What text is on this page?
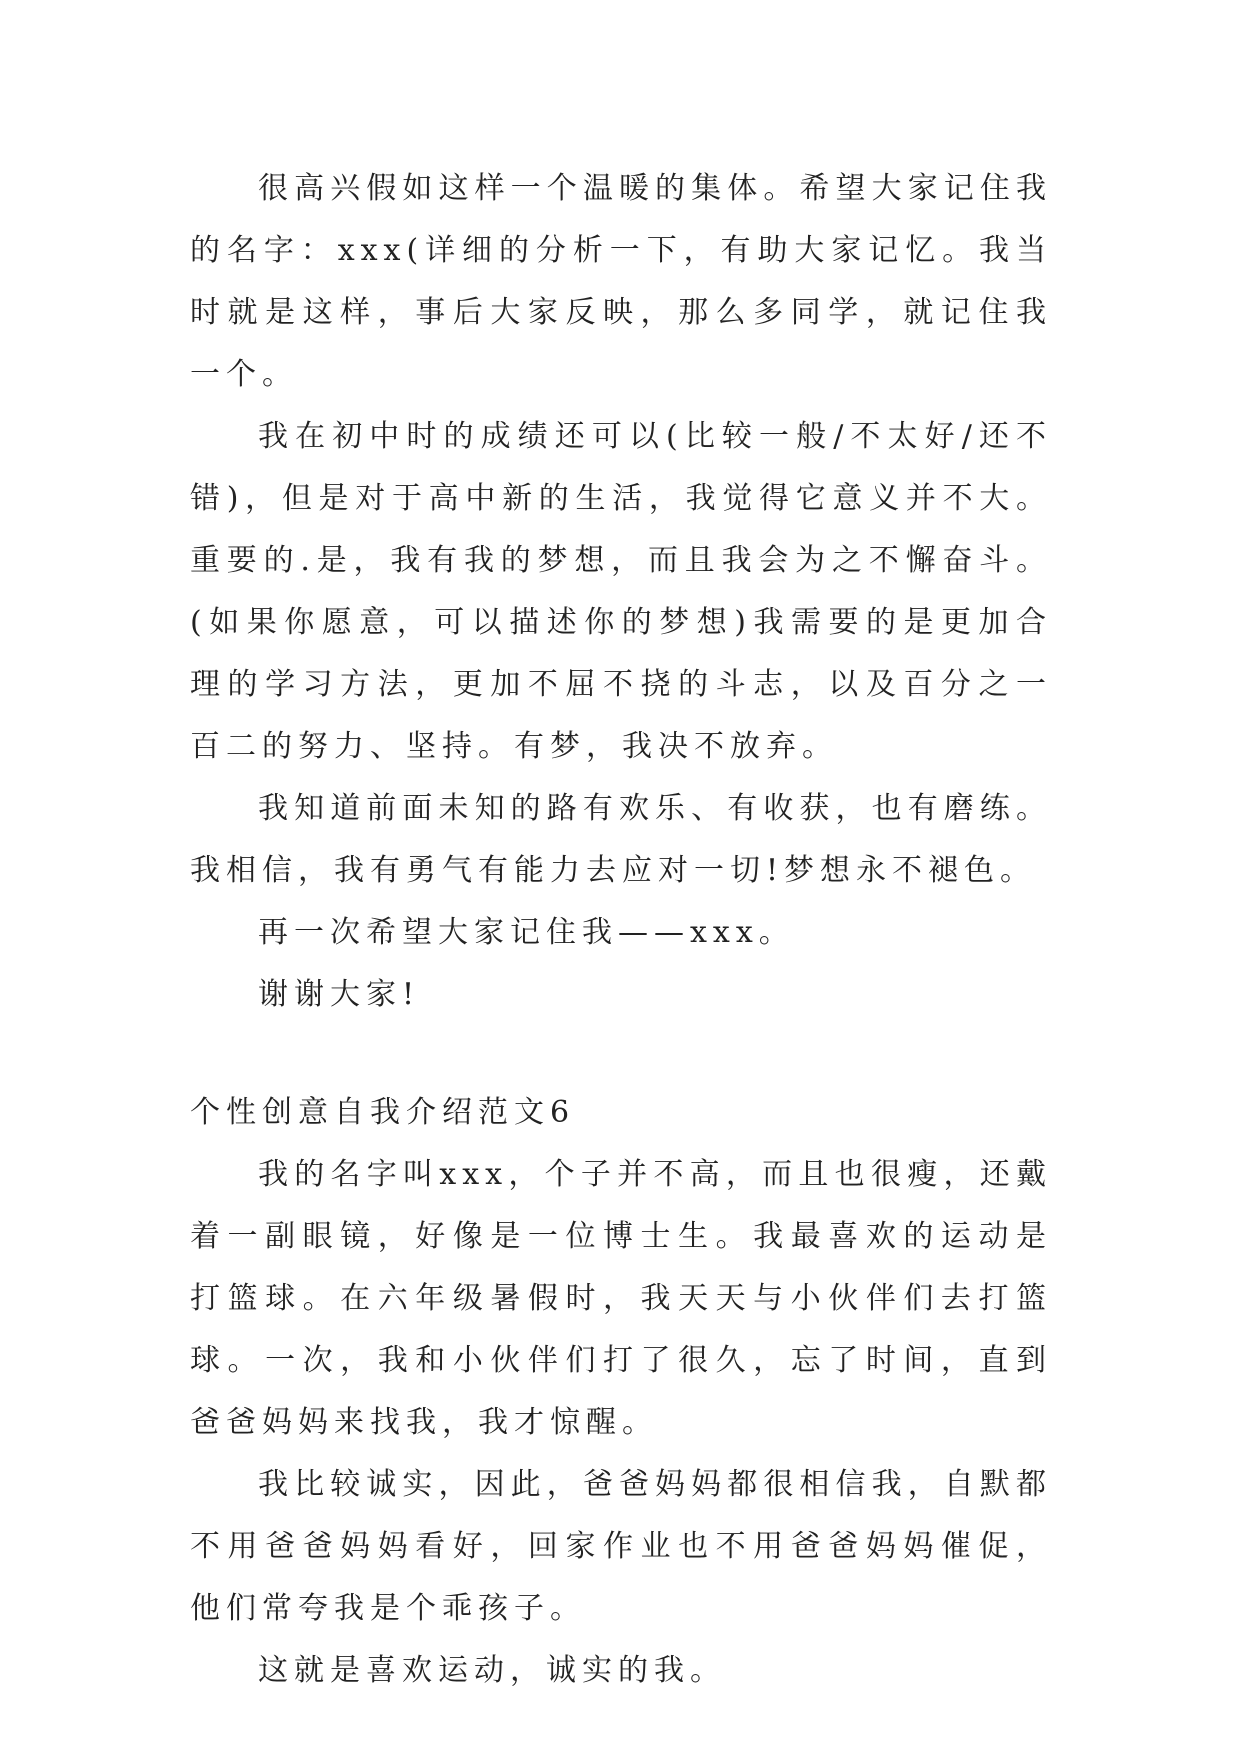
很高兴假如这样一个温暖的集体。希望大家记住我的名字：xxx(详细的分析一下，有助大家记忆。我当时就是这样，事后大家反映，那么多同学，就记住我一个。

我在初中时的成绩还可以(比较一般/不太好/还不错)，但是对于高中新的生活，我觉得它意义并不大。重要的.是，我有我的梦想，而且我会为之不懈奋斗。(如果你愿意，可以描述你的梦想)我需要的是更加合理的学习方法，更加不屈不挠的斗志，以及百分之一百二的努力、坚持。有梦，我决不放弃。

我知道前面未知的路有欢乐、有收获，也有磨练。我相信，我有勇气有能力去应对一切!梦想永不褪色。

再一次希望大家记住我——xxx。

谢谢大家!

个性创意自我介绍范文6

我的名字叫xxx，个子并不高，而且也很瘦，还戴着一副眼镜，好像是一位博士生。我最喜欢的运动是打篮球。在六年级暑假时，我天天与小伙伴们去打篮球。一次，我和小伙伴们打了很久，忘了时间，直到爸爸妈妈来找我，我才惊醒。

我比较诚实，因此，爸爸妈妈都很相信我，自默都不用爸爸妈妈看好，回家作业也不用爸爸妈妈催促，他们常夸我是个乖孩子。

这就是喜欢运动，诚实的我。
